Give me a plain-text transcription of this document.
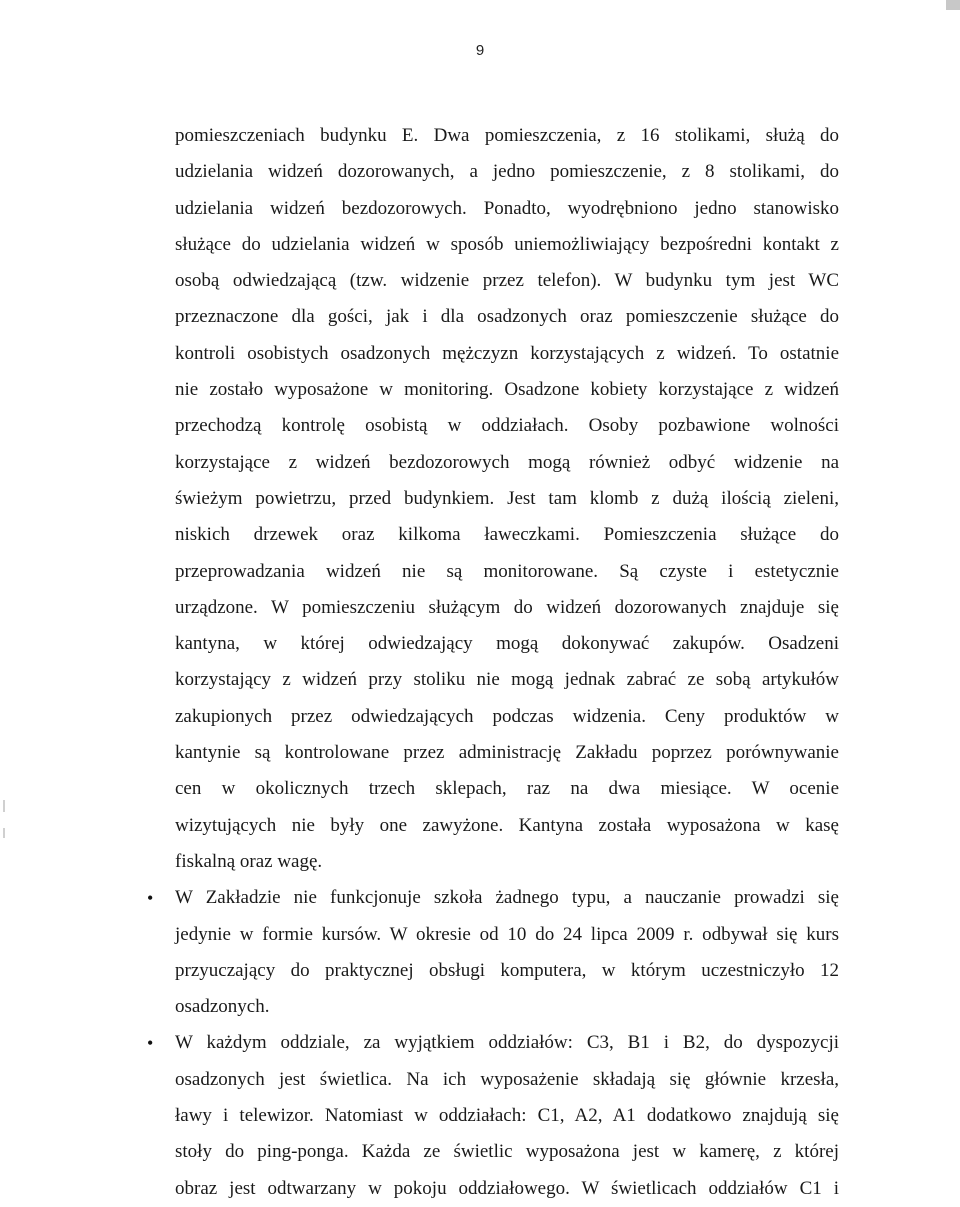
9
pomieszczeniach budynku E. Dwa pomieszczenia, z 16 stolikami, służą do
udzielania widzeń dozorowanych, a jedno pomieszczenie, z 8 stolikami, do
udzielania widzeń bezdozorowych. Ponadto, wyodrębniono jedno stanowisko
służące do udzielania widzeń w sposób uniemożliwiający bezpośredni kontakt z
osobą odwiedzającą (tzw. widzenie przez telefon). W budynku tym jest WC
przeznaczone dla gości, jak i dla osadzonych oraz pomieszczenie służące do
kontroli osobistych osadzonych mężczyzn korzystających z widzeń. To ostatnie
nie zostało wyposażone w monitoring. Osadzone kobiety korzystające z widzeń
przechodzą kontrolę osobistą w oddziałach. Osoby pozbawione wolności
korzystające z widzeń bezdozorowych mogą również odbyć widzenie na
świeżym powietrzu, przed budynkiem. Jest tam klomb z dużą ilością zieleni,
niskich drzewek oraz kilkoma ławeczkami. Pomieszczenia służące do
przeprowadzania widzeń nie są monitorowane. Są czyste i estetycznie
urządzone. W pomieszczeniu służącym do widzeń dozorowanych znajduje się
kantyna, w której odwiedzający mogą dokonywać zakupów. Osadzeni
korzystający z widzeń przy stoliku nie mogą jednak zabrać ze sobą artykułów
zakupionych przez odwiedzających podczas widzenia. Ceny produktów w
kantynie są kontrolowane przez administrację Zakładu poprzez porównywanie
cen w okolicznych trzech sklepach, raz na dwa miesiące. W ocenie
wizytujących nie były one zawyżone. Kantyna została wyposażona w kasę
fiskalną oraz wagę.
• W Zakładzie nie funkcjonuje szkoła żadnego typu, a nauczanie prowadzi się
jedynie w formie kursów. W okresie od 10 do 24 lipca 2009 r. odbywał się kurs
przyuczający do praktycznej obsługi komputera, w którym uczestniczyło 12
osadzonych.
• W każdym oddziale, za wyjątkiem oddziałów: C3, B1 i B2, do dyspozycji
osadzonych jest świetlica. Na ich wyposażenie składają się głównie krzesła,
ławy i telewizor. Natomiast w oddziałach: C1, A2, A1 dodatkowo znajdują się
stoły do ping-ponga. Każda ze świetlic wyposażona jest w kamerę, z której
obraz jest odtwarzany w pokoju oddziałowego. W świetlicach oddziałów C1 i
